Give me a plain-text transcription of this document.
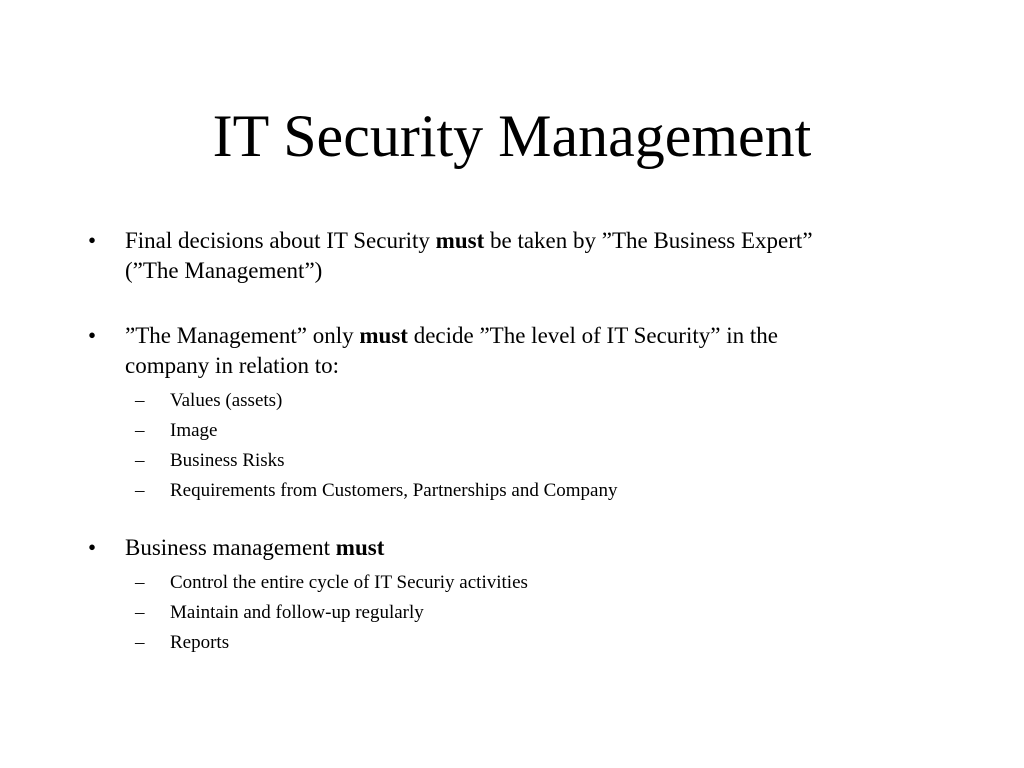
IT Security Management
•	Final decisions about IT Security must be taken by ”The Business Expert”
(”The Management”)
•	”The Management” only must decide ”The level of IT Security” in the
company in relation to:
–	Values (assets)
–	Image
–	Business Risks
–	Requirements from Customers, Partnerships and Company
•	Business management must
–	Control the entire cycle of IT Securiy activities
–	Maintain and follow-up regularly
–	Reports
